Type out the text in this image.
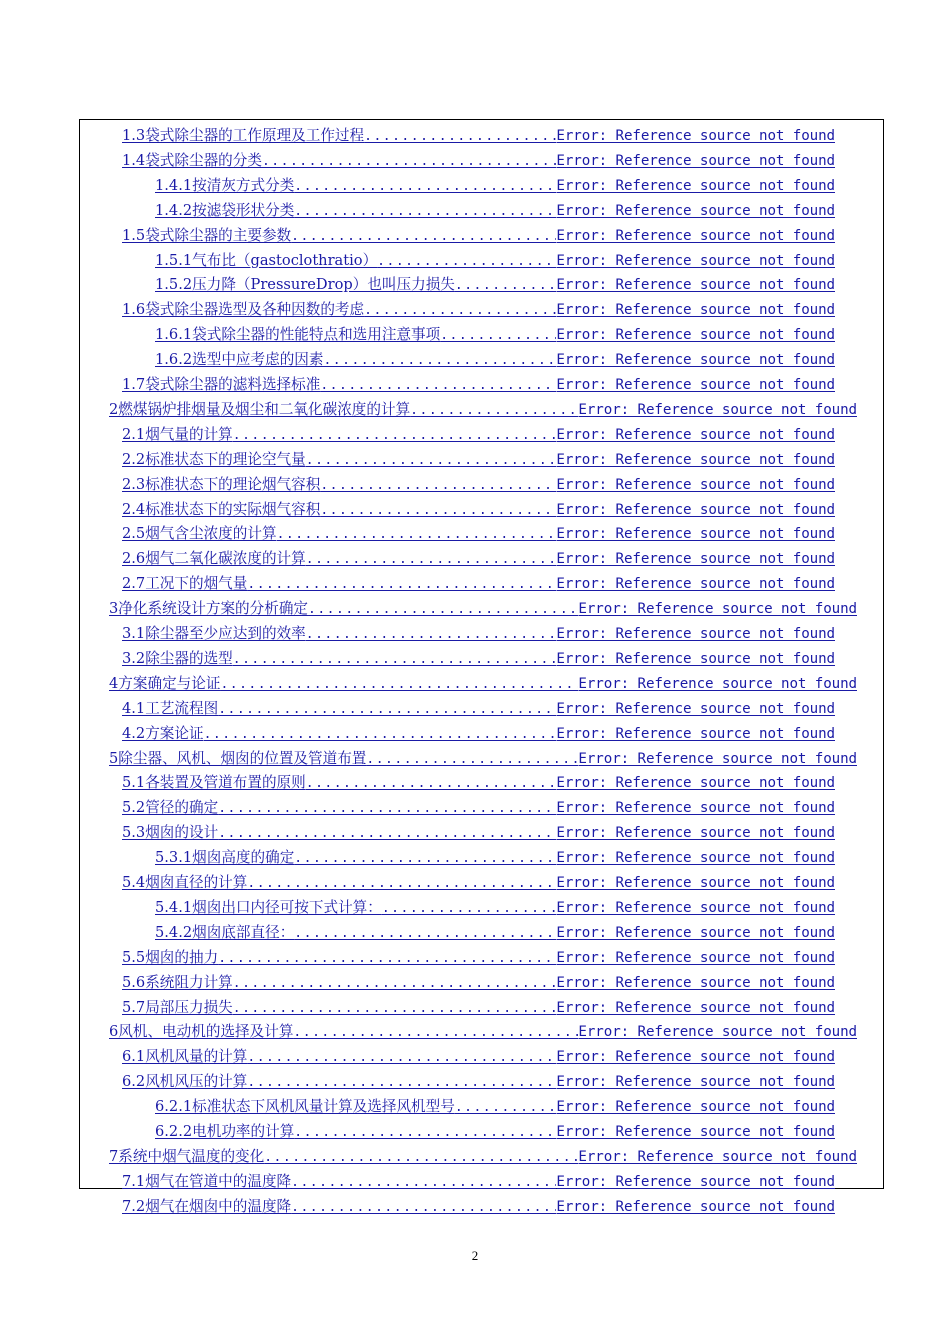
1.3袋式除尘器的工作原理及工作过程 .....	Error: Reference source not found
1.4袋式除尘器的分类 .....	Error: Reference source not found
1.4.1按清灰方式分类 .....	Error: Reference source not found
1.4.2按滤袋形状分类 .....	Error: Reference source not found
1.5袋式除尘器的主要参数 .....	Error: Reference source not found
1.5.1气布比（gastoclothratio） .....	Error: Reference source not found
1.5.2压力降（PressureDrop）也叫压力损失 .....	Error: Reference source not found
1.6袋式除尘器选型及各种因数的考虑 .....	Error: Reference source not found
1.6.1袋式除尘器的性能特点和选用注意事项 .....	Error: Reference source not found
1.6.2选型中应考虑的因素 .....	Error: Reference source not found
1.7袋式除尘器的滤料选择标准 .....	Error: Reference source not found
2燃煤锅炉排烟量及烟尘和二氧化碳浓度的计算 .....	Error: Reference source not found
2.1烟气量的计算 .....	Error: Reference source not found
2.2标准状态下的理论空气量 .....	Error: Reference source not found
2.3标准状态下的理论烟气容积 .....	Error: Reference source not found
2.4标准状态下的实际烟气容积 .....	Error: Reference source not found
2.5烟气含尘浓度的计算 .....	Error: Reference source not found
2.6烟气二氧化碳浓度的计算 .....	Error: Reference source not found
2.7工况下的烟气量 .....	Error: Reference source not found
3净化系统设计方案的分析确定 .....	Error: Reference source not found
3.1除尘器至少应达到的效率 .....	Error: Reference source not found
3.2除尘器的选型 .....	Error: Reference source not found
4方案确定与论证 .....	Error: Reference source not found
4.1工艺流程图 .....	Error: Reference source not found
4.2方案论证 .....	Error: Reference source not found
5除尘器、风机、烟囱的位置及管道布置 .....	Error: Reference source not found
5.1各装置及管道布置的原则 .....	Error: Reference source not found
5.2管径的确定 .....	Error: Reference source not found
5.3烟囱的设计 .....	Error: Reference source not found
5.3.1烟囱高度的确定 .....	Error: Reference source not found
5.4烟囱直径的计算 .....	Error: Reference source not found
5.4.1烟囱出口内径可按下式计算： .....	Error: Reference source not found
5.4.2烟囱底部直径： .....	Error: Reference source not found
5.5烟囱的抽力 .....	Error: Reference source not found
5.6系统阻力计算 .....	Error: Reference source not found
5.7局部压力损失 .....	Error: Reference source not found
6风机、电动机的选择及计算 .....	Error: Reference source not found
6.1风机风量的计算 .....	Error: Reference source not found
6.2风机风压的计算 .....	Error: Reference source not found
6.2.1标准状态下风机风量计算及选择风机型号 .....	Error: Reference source not found
6.2.2电机功率的计算 .....	Error: Reference source not found
7系统中烟气温度的变化 .....	Error: Reference source not found
7.1烟气在管道中的温度降 .....	Error: Reference source not found
7.2烟气在烟囱中的温度降 .....	Error: Reference source not found
2
